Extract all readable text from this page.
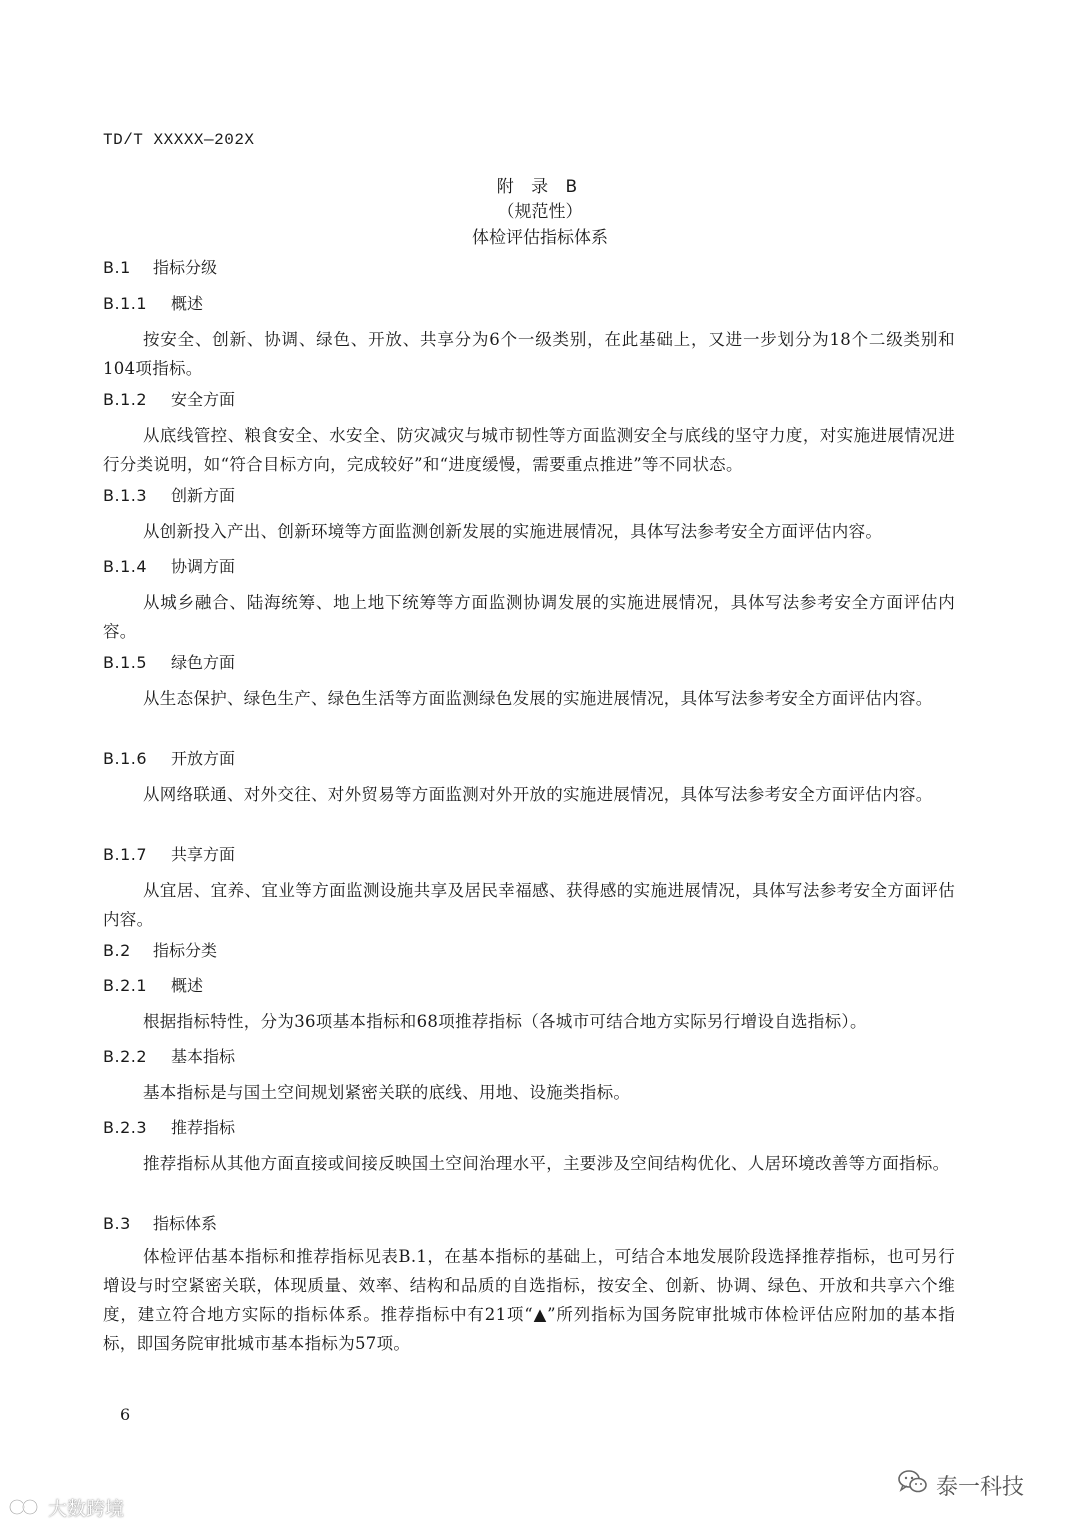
TD/T XXXXX—202X
附 录 B
（规范性）
体检评估指标体系
B.1 指标分级
B.1.1 概述
按安全、创新、协调、绿色、开放、共享分为6个一级类别，在此基础上，又进一步划分为18个二级类别和104项指标。
B.1.2 安全方面
从底线管控、粮食安全、水安全、防灾减灾与城市韧性等方面监测安全与底线的坚守力度，对实施进展情况进行分类说明，如“符合目标方向，完成较好”和“进度缓慢，需要重点推进”等不同状态。
B.1.3 创新方面
从创新投入产出、创新环境等方面监测创新发展的实施进展情况，具体写法参考安全方面评估内容。
B.1.4 协调方面
从城乡融合、陆海统筹、地上地下统筹等方面监测协调发展的实施进展情况，具体写法参考安全方面评估内容。
B.1.5 绿色方面
从生态保护、绿色生产、绿色生活等方面监测绿色发展的实施进展情况，具体写法参考安全方面评估内容。
B.1.6 开放方面
从网络联通、对外交往、对外贸易等方面监测对外开放的实施进展情况，具体写法参考安全方面评估内容。
B.1.7 共享方面
从宜居、宜养、宜业等方面监测设施共享及居民幸福感、获得感的实施进展情况，具体写法参考安全方面评估内容。
B.2 指标分类
B.2.1 概述
根据指标特性，分为36项基本指标和68项推荐指标（各城市可结合地方实际另行增设自选指标）。
B.2.2 基本指标
基本指标是与国土空间规划紧密关联的底线、用地、设施类指标。
B.2.3 推荐指标
推荐指标从其他方面直接或间接反映国土空间治理水平，主要涉及空间结构优化、人居环境改善等方面指标。
B.3 指标体系
体检评估基本指标和推荐指标见表B.1，在基本指标的基础上，可结合本地发展阶段选择推荐指标，也可另行增设与时空紧密关联，体现质量、效率、结构和品质的自选指标，按安全、创新、协调、绿色、开放和共享六个维度，建立符合地方实际的指标体系。推荐指标中有21项“▲”所列指标为国务院审批城市体检评估应附加的基本指标，即国务院审批城市基本指标为57项。
6
大数跨境
泰一科技
